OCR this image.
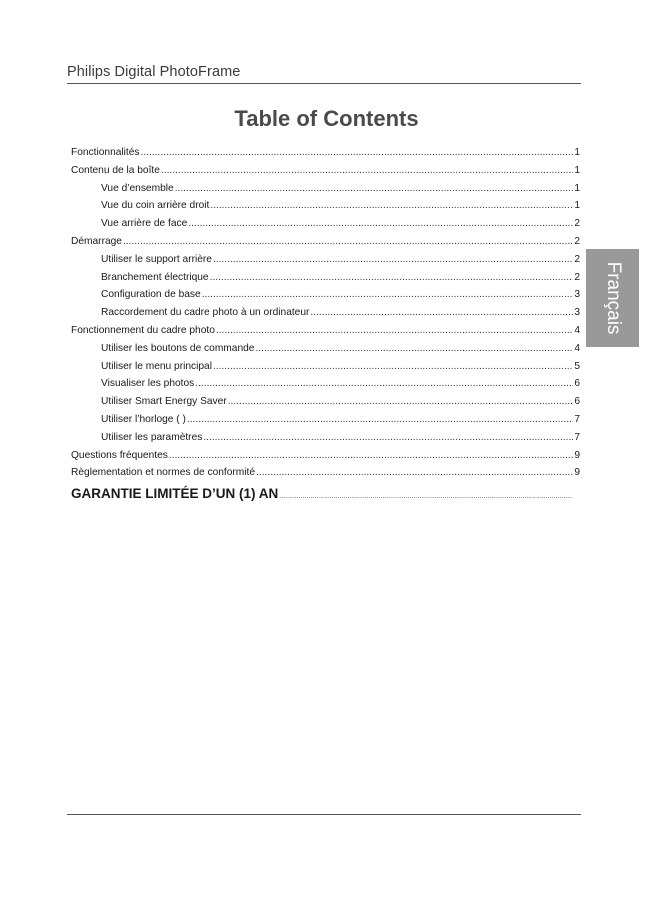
Philips Digital PhotoFrame
Table of Contents
Fonctionnalités .....	1
Contenu de la boîte .....	1
Vue d’ensemble .....	1
Vue du coin arrière droit .....	1
Vue arrière de face .....	2
Démarrage .....	2
Utiliser le support arrière .....	2
Branchement électrique .....	2
Configuration de base .....	3
Raccordement du cadre photo à un ordinateur .....	3
Fonctionnement du cadre photo .....	4
Utiliser les boutons de commande .....	4
Utiliser le menu principal .....	5
Visualiser les photos .....	6
Utiliser Smart Energy Saver .....	6
Utiliser l’horloge ( ) .....	7
Utiliser les paramètres .....	7
Questions fréquentes .....	9
Règlementation et normes de conformité .....	9
GARANTIE LIMITÉE D’UN (1) AN
.....
Français
